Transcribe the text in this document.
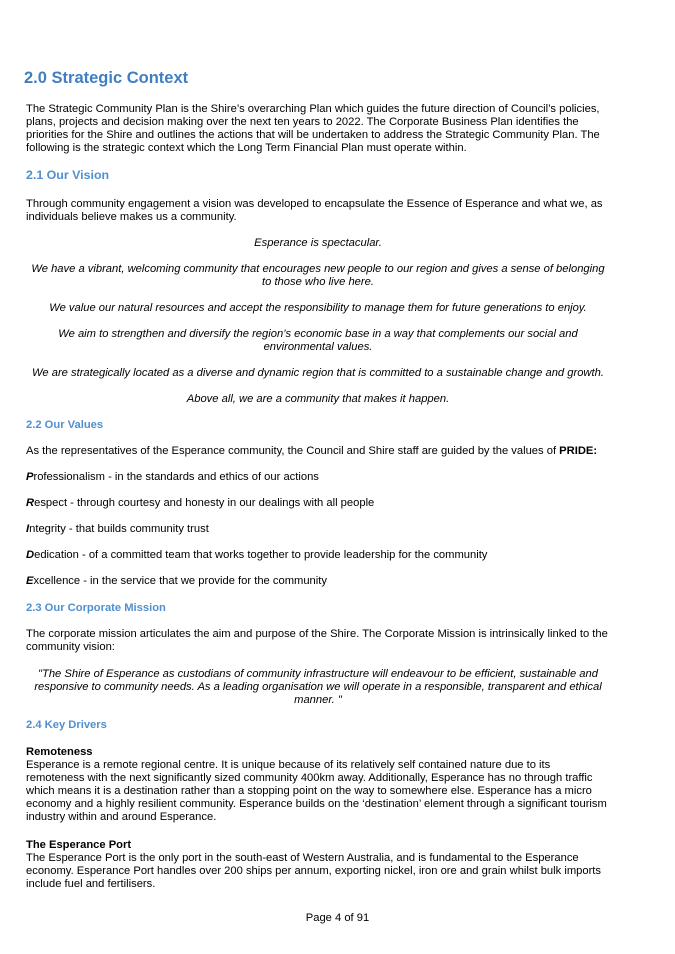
2.0 Strategic Context

The Strategic Community Plan is the Shire’s overarching Plan which guides the future direction of Council’s policies, plans, projects and decision making over the next ten years to 2022. The Corporate Business Plan identifies the priorities for the Shire and outlines the actions that will be undertaken to address the Strategic Community Plan. The following is the strategic context which the Long Term Financial Plan must operate within.

2.1 Our Vision

Through community engagement a vision was developed to encapsulate the Essence of Esperance and what we, as individuals believe makes us a community.

Esperance is spectacular.

We have a vibrant, welcoming community that encourages new people to our region and gives a sense of belonging to those who live here.

We value our natural resources and accept the responsibility to manage them for future generations to enjoy.

We aim to strengthen and diversify the region’s economic base in a way that complements our social and environmental values.

We are strategically located as a diverse and dynamic region that is committed to a sustainable change and growth.

Above all, we are a community that makes it happen.

2.2 Our Values

As the representatives of the Esperance community, the Council and Shire staff are guided by the values of PRIDE:

Professionalism - in the standards and ethics of our actions

Respect - through courtesy and honesty in our dealings with all people

Integrity - that builds community trust

Dedication - of a committed team that works together to provide leadership for the community

Excellence - in the service that we provide for the community

2.3 Our Corporate Mission

The corporate mission articulates the aim and purpose of the Shire. The Corporate Mission is intrinsically linked to the community vision:

"The Shire of Esperance as custodians of community infrastructure will endeavour to be efficient, sustainable and responsive to community needs. As a leading organisation we will operate in a responsible, transparent and ethical manner. "

2.4 Key Drivers

Remoteness
Esperance is a remote regional centre. It is unique because of its relatively self contained nature due to its remoteness with the next significantly sized community 400km away. Additionally, Esperance has no through traffic which means it is a destination rather than a stopping point on the way to somewhere else. Esperance has a micro economy and a highly resilient community. Esperance builds on the ‘destination’ element through a significant tourism industry within and around Esperance.

The Esperance Port
The Esperance Port is the only port in the south-east of Western Australia, and is fundamental to the Esperance economy. Esperance Port handles over 200 ships per annum, exporting nickel, iron ore and grain whilst bulk imports include fuel and fertilisers.

Page 4 of 91
